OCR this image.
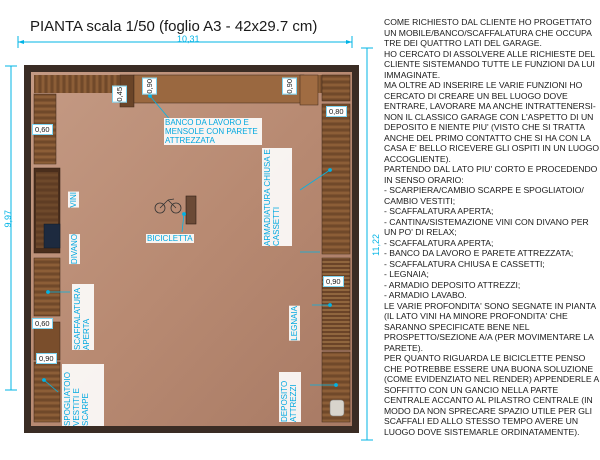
PIANTA scala 1/50 (foglio A3 - 42x29.7 cm)
10,31
9,97
11,22
0,45
0,90	0,90
0,60
0,60
0,90
0,90
0,80
BANCO DA LAVORO E MENSOLE CON PARETE ATTREZZATA
ARMADIATURA CHIUSA E CASSETTI
VINI
DIVANO	BICICLETTA
SCAFFALATURA APERTA	LEGNAIA
SPOGLIATOIO VESTITI E SCARPE	DEPOSITO ATTREZZI

COME RICHIESTO DAL CLIENTE HO PROGETTATO UN MOBILE/BANCO/SCAFFALATURA CHE OCCUPA TRE DEI QUATTRO LATI DEL GARAGE.

HO CERCATO DI ASSOLVERE ALLE RICHIESTE DEL CLIENTE SISTEMANDO TUTTE LE FUNZIONI DA LUI IMMAGINATE.

MA OLTRE AD INSERIRE LE VARIE FUNZIONI HO CERCATO DI CREARE UN BEL LUOGO DOVE ENTRARE, LAVORARE MA ANCHE INTRATTENERSI- NON IL CLASSICO GARAGE CON L'ASPETTO DI UN DEPOSITO E NIENTE PIU' (VISTO CHE SI TRATTA ANCHE DEL PRIMO CONTATTO CHE SI HA CON LA CASA E' BELLO RICEVERE GLI OSPITI IN UN LUOGO ACCOGLIENTE).

PARTENDO DAL LATO PIU' CORTO E PROCEDENDO IN SENSO ORARIO:

- SCARPIERA/CAMBIO SCARPE E SPOGLIATOIO/ CAMBIO VESTITI;

- SCAFFALATURA APERTA;

- CANTINA/SISTEMAZIONE VINI CON DIVANO PER UN PO' DI RELAX;

- SCAFFALATURA APERTA;

- BANCO DA LAVORO E PARETE ATTREZZATA;

- SCAFFALATURA CHIUSA E CASSETTI;

- LEGNAIA;

- ARMADIO DEPOSITO ATTREZZI;

- ARMADIO LAVABO.

LE VARIE PROFONDITA' SONO SEGNATE IN PIANTA (IL LATO VINI HA MINORE PROFONDITA' CHE SARANNO SPECIFICATE BENE NEL PROSPETTO/SEZIONE A/A (PER MOVIMENTARE LA PARETE).

PER QUANTO RIGUARDA LE BICICLETTE PENSO CHE POTREBBE ESSERE UNA BUONA SOLUZIONE (COME EVIDENZIATO NEL RENDER) APPENDERLE A SOFFITTO CON UN GANCIO NELLA PARTE CENTRALE ACCANTO AL PILASTRO CENTRALE (IN MODO DA NON SPRECARE SPAZIO UTILE PER GLI SCAFFALI ED ALLO STESSO TEMPO AVERE UN LUOGO DOVE SISTEMARLE ORDINATAMENTE).
